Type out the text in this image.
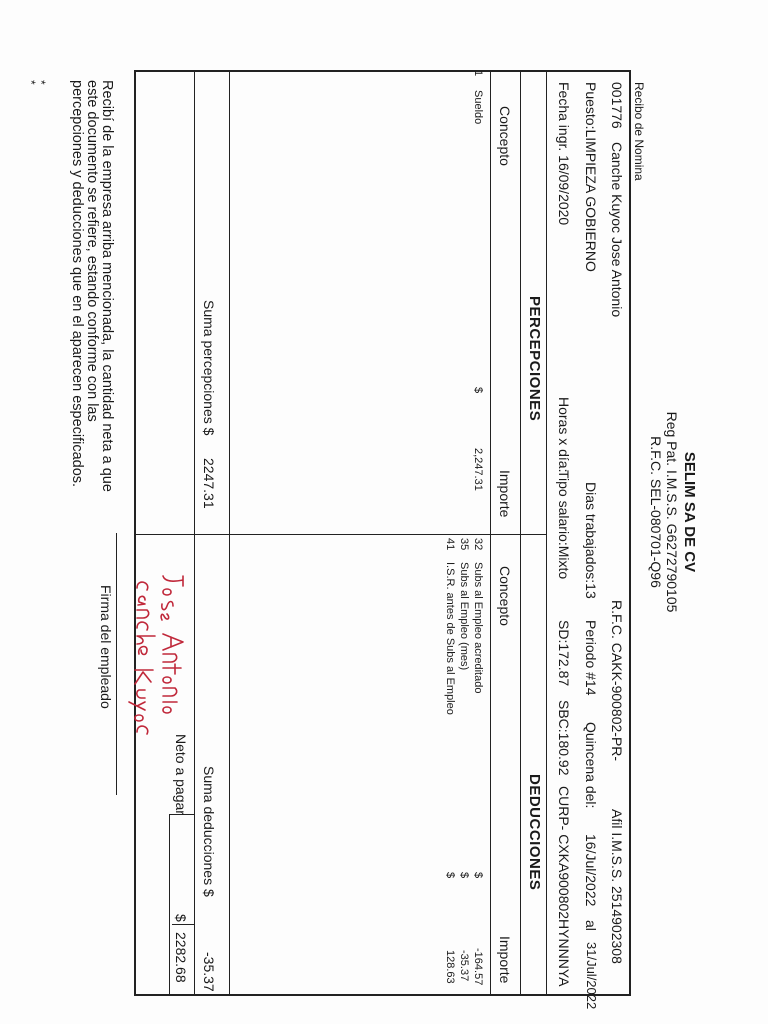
SELIM SA DE CV
Reg Pat. I.M.S.S. G6272790105
R.F.C. SEL-080701-Q96
Recibo de Nomina
001776
Canche Kuyoc Jose Antonio
R.F.C. CAKK-900802-PR-
Afil I.M.S.S. 2514902308
Puesto:LIMPIEZA GOBIERNO
Dias trabajados:13
Periodo #14
Quincena del:
16/Jul/2022
al
31/Jul/2022
Fecha ingr. 16/09/2020
Horas x día:
Tipo salario:Mixto
SD:172.87
SBC:180.92
CURP- CXKA900802HYNNNYA
PERCEPCIONES
DEDUCCIONES
Concepto
Importe
Concepto
Importe
1
Sueldo
$
2,247.31
32
Subs al Empleo acreditado
$
-164.57
35
Subs al Empleo (mes)
$
-35.37
41
I.S.R. antes de Subs al Empleo
$
128.63
Suma percepciones $
2247.31
Suma deducciones $
-35.37
Neto a pagar
$
2282.68
Recibí de la empresa arriba mencionada, la cantidad neta a que este documento se refiere, estando conforme con las percepciones y deducciones que en el aparecen especificados.
*
*
Firma del empleado
